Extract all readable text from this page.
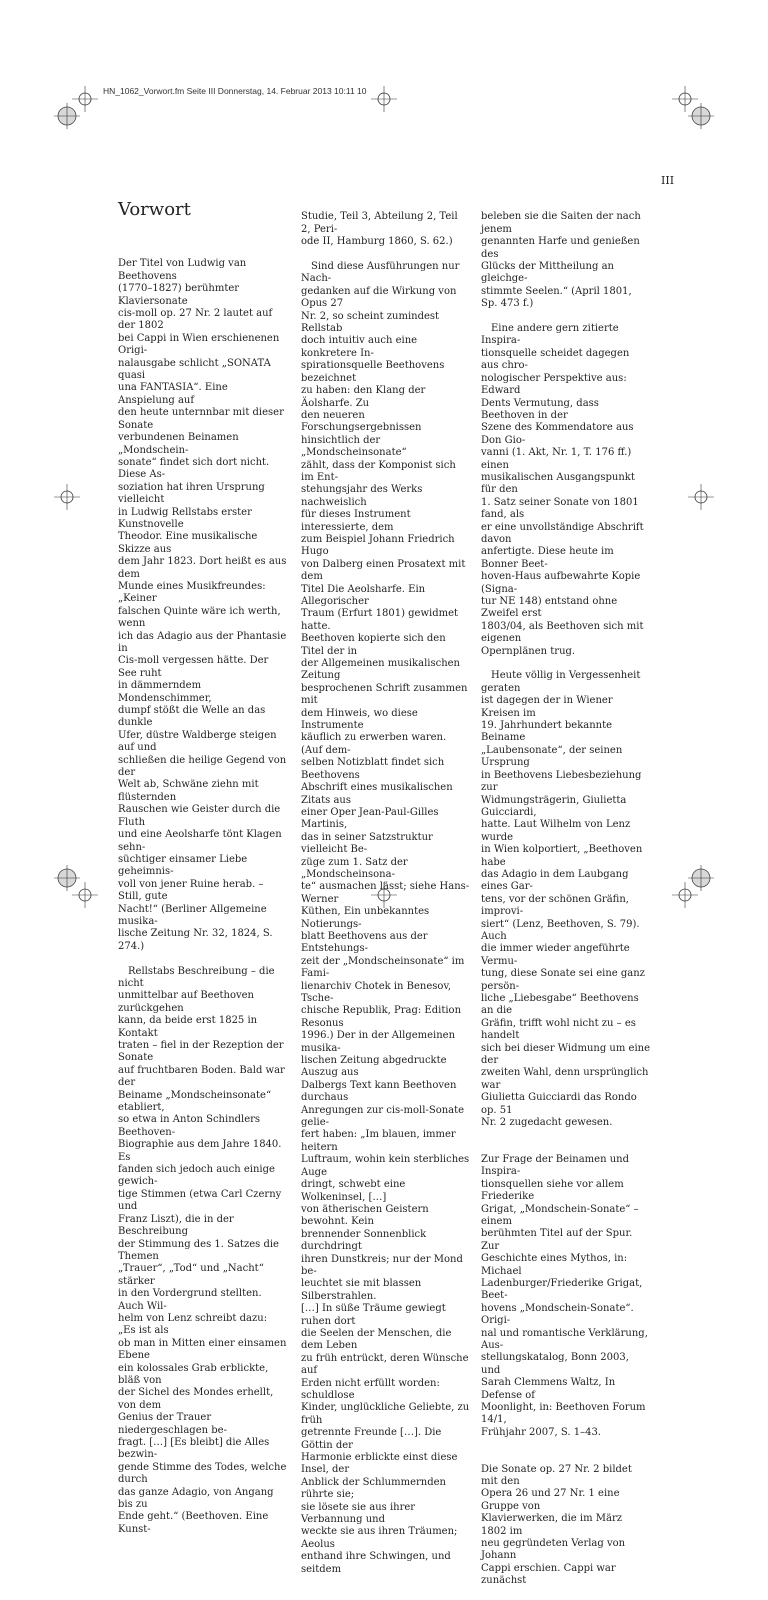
HN_1062_Vorwort.fm Seite III Donnerstag, 14. Februar 2013 10:11 10
III
Vorwort

Der Titel von Ludwig van Beethovens
(1770–1827) berühmter Klaviersonate
cis-moll op. 27 Nr. 2 lautet auf der 1802
bei Cappi in Wien erschienenen Origi-
nalausgabe schlicht „SONATA quasi
una FANTASIA“. Eine Anspielung auf
den heute unternnbar mit dieser Sonate
verbundenen Beinamen „Mondschein-
sonate“ findet sich dort nicht. Diese As-
soziation hat ihren Ursprung vielleicht
in Ludwig Rellstabs erster Kunstnovelle
Theodor. Eine musikalische Skizze aus
dem Jahr 1823. Dort heißt es aus dem
Munde eines Musikfreundes: „Keiner
falschen Quinte wäre ich werth, wenn
ich das Adagio aus der Phantasie in
Cis-moll vergessen hätte. Der See ruht
in dämmerndem Mondenschimmer,
dumpf stößt die Welle an das dunkle
Ufer, düstre Waldberge steigen auf und
schließen die heilige Gegend von der
Welt ab, Schwäne ziehn mit flüsternden
Rauschen wie Geister durch die Fluth
und eine Aeolsharfe tönt Klagen sehn-
süchtiger einsamer Liebe geheimnis-
voll von jener Ruine herab. – Still, gute
Nacht!“ (Berliner Allgemeine musika-
lische Zeitung Nr. 32, 1824, S. 274.)

Rellstabs Beschreibung – die nicht
unmittelbar auf Beethoven zurückgehen
kann, da beide erst 1825 in Kontakt
traten – fiel in der Rezeption der Sonate
auf fruchtbaren Boden. Bald war der
Beiname „Mondscheinsonate“ etabliert,
so etwa in Anton Schindlers Beethoven-
Biographie aus dem Jahre 1840. Es
fanden sich jedoch auch einige gewich-
tige Stimmen (etwa Carl Czerny und
Franz Liszt), die in der Beschreibung
der Stimmung des 1. Satzes die Themen
„Trauer“, „Tod“ und „Nacht“ stärker
in den Vordergrund stellten. Auch Wil-
helm von Lenz schreibt dazu: „Es ist als
ob man in Mitten einer einsamen Ebene
ein kolossales Grab erblickte, bläß von
der Sichel des Mondes erhellt, von dem
Genius der Trauer niedergeschlagen be-
fragt. […] [Es bleibt] die Alles bezwin-
gende Stimme des Todes, welche durch
das ganze Adagio, von Angang bis zu
Ende geht.“ (Beethoven. Eine Kunst-

Studie, Teil 3, Abteilung 2, Teil 2, Peri-
ode II, Hamburg 1860, S. 62.)

Sind diese Ausführungen nur Nach-
gedanken auf die Wirkung von Opus 27
Nr. 2, so scheint zumindest Rellstab
doch intuitiv auch eine konkretere In-
spirationsquelle Beethovens bezeichnet
zu haben: den Klang der Äolsharfe. Zu
den neueren Forschungsergebnissen
hinsichtlich der „Mondscheinsonate“
zählt, dass der Komponist sich im Ent-
stehungsjahr des Werks nachweislich
für dieses Instrument interessierte, dem
zum Beispiel Johann Friedrich Hugo
von Dalberg einen Prosatext mit dem
Titel Die Aeolsharfe. Ein Allegorischer
Traum (Erfurt 1801) gewidmet hatte.
Beethoven kopierte sich den Titel der in
der Allgemeinen musikalischen Zeitung
besprochenen Schrift zusammen mit
dem Hinweis, wo diese Instrumente
käuflich zu erwerben waren. (Auf dem-
selben Notizblatt findet sich Beethovens
Abschrift eines musikalischen Zitats aus
einer Oper Jean-Paul-Gilles Martinis,
das in seiner Satzstruktur vielleicht Be-
züge zum 1. Satz der „Mondscheinsona-
te“ ausmachen lässt; siehe Hans-Werner
Küthen, Ein unbekanntes Notierungs-
blatt Beethovens aus der Entstehungs-
zeit der „Mondscheinsonate“ im Fami-
lienarchiv Chotek in Benesov, Tsche-
chische Republik, Prag: Edition Resonus
1996.) Der in der Allgemeinen musika-
lischen Zeitung abgedruckte Auszug aus
Dalbergs Text kann Beethoven durchaus
Anregungen zur cis-moll-Sonate gelie-
fert haben: „Im blauen, immer heitern
Luftraum, wohin kein sterbliches Auge
dringt, schwebt eine Wolkeninsel, […]
von ätherischen Geistern bewohnt. Kein
brennender Sonnenblick durchdringt
ihren Dunstkreis; nur der Mond be-
leuchtet sie mit blassen Silberstrahlen.
[…] In süße Träume gewiegt ruhen dort
die Seelen der Menschen, die dem Leben
zu früh entrückt, deren Wünsche auf
Erden nicht erfüllt worden: schuldlose
Kinder, unglückliche Geliebte, zu früh
getrennte Freunde […]. Die Göttin der
Harmonie erblickte einst diese Insel, der
Anblick der Schlummernden rührte sie;
sie lösete sie aus ihrer Verbannung und
weckte sie aus ihren Träumen; Aeolus
enthand ihre Schwingen, und seitdem

beleben sie die Saiten der nach jenem
genannten Harfe und genießen des
Glücks der Mittheilung an gleichge-
stimmte Seelen.“ (April 1801, Sp. 473 f.)

Eine andere gern zitierte Inspira-
tionsquelle scheidet dagegen aus chro-
nologischer Perspektive aus: Edward
Dents Vermutung, dass Beethoven in der
Szene des Kommendatore aus Don Gio-
vanni (1. Akt, Nr. 1, T. 176 ff.) einen
musikalischen Ausgangspunkt für den
1. Satz seiner Sonate von 1801 fand, als
er eine unvollständige Abschrift davon
anfertigte. Diese heute im Bonner Beet-
hoven-Haus aufbewahrte Kopie (Signa-
tur NE 148) entstand ohne Zweifel erst
1803/04, als Beethoven sich mit eigenen
Opernplänen trug.

Heute völlig in Vergessenheit geraten
ist dagegen der in Wiener Kreisen im
19. Jahrhundert bekannte Beiname
„Laubensonate“, der seinen Ursprung
in Beethovens Liebesbeziehung zur
Widmungsträgerin, Giulietta Guicciardi,
hatte. Laut Wilhelm von Lenz wurde
in Wien kolportiert, „Beethoven habe
das Adagio in dem Laubgang eines Gar-
tens, vor der schönen Gräfin, improvi-
siert“ (Lenz, Beethoven, S. 79). Auch
die immer wieder angeführte Vermu-
tung, diese Sonate sei eine ganz persön-
liche „Liebesgabe“ Beethovens an die
Gräfin, trifft wohl nicht zu – es handelt
sich bei dieser Widmung um eine der
zweiten Wahl, denn ursprünglich war
Giulietta Guicciardi das Rondo op. 51
Nr. 2 zugedacht gewesen.

Zur Frage der Beinamen und Inspira-
tionsquellen siehe vor allem Friederike
Grigat, „Mondschein-Sonate“ – einem
berühmten Titel auf der Spur. Zur
Geschichte eines Mythos, in: Michael
Ladenburger/Friederike Grigat, Beet-
hovens „Mondschein-Sonate“. Origi-
nal und romantische Verklärung, Aus-
stellungskatalog, Bonn 2003, und
Sarah Clemmens Waltz, In Defense of
Moonlight, in: Beethoven Forum 14/1,
Frühjahr 2007, S. 1–43.

Die Sonate op. 27 Nr. 2 bildet mit den
Opera 26 und 27 Nr. 1 eine Gruppe von
Klavierwerken, die im März 1802 im
neu gegründeten Verlag von Johann
Cappi erschien. Cappi war zunächst
